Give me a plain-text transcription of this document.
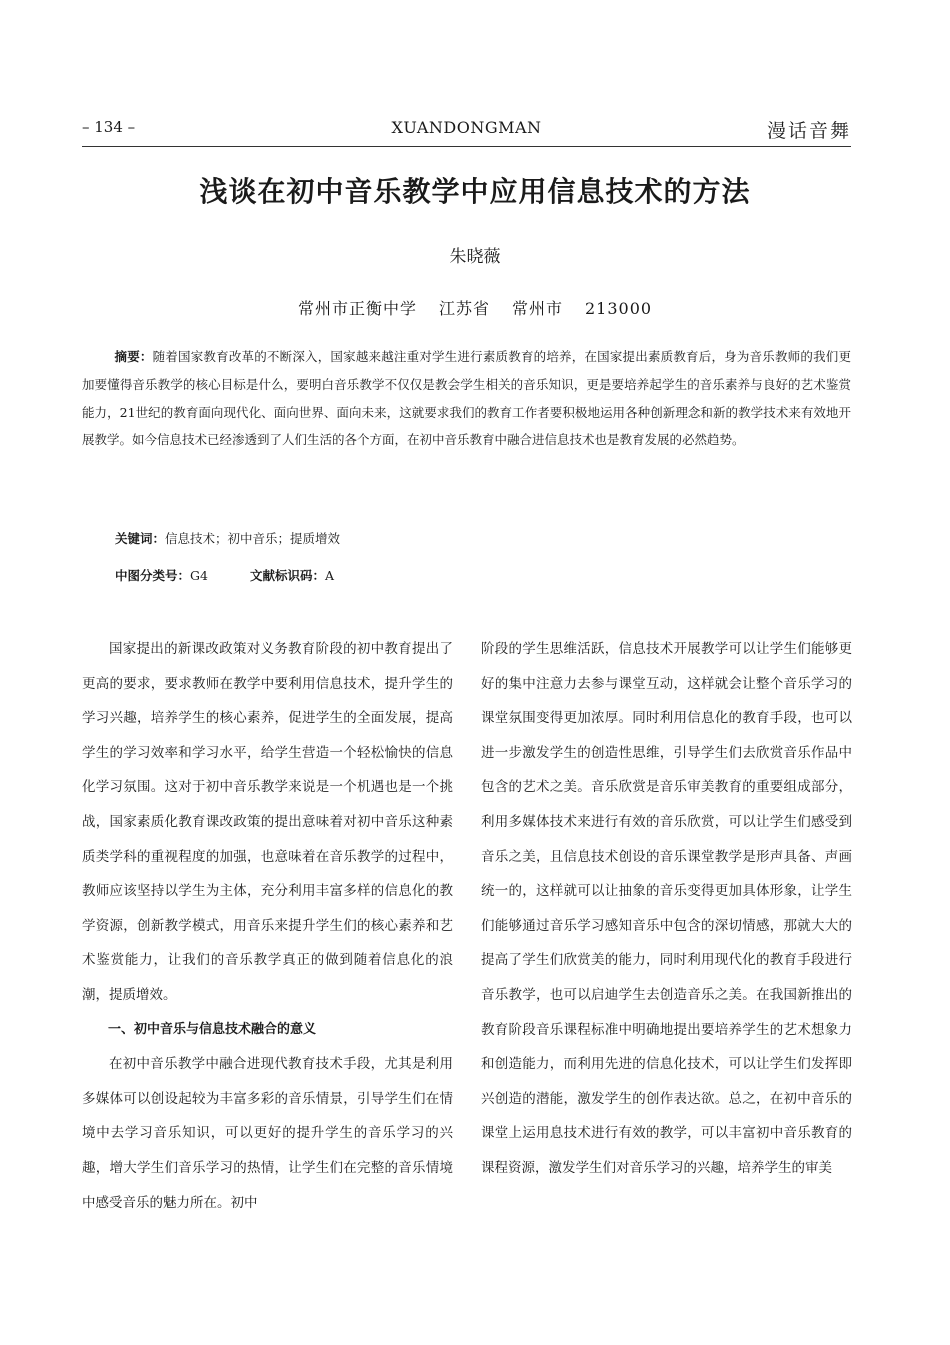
– 134 –	XUANDONGMAN	漫话音舞
浅谈在初中音乐教学中应用信息技术的方法
朱晓薇
常州市正衡中学 江苏省 常州市 213000
摘要：随着国家教育改革的不断深入，国家越来越注重对学生进行素质教育的培养，在国家提出素质教育后，身为音乐教师的我们更加要懂得音乐教学的核心目标是什么，要明白音乐教学不仅仅是教会学生相关的音乐知识，更是要培养起学生的音乐素养与良好的艺术鉴赏能力，21世纪的教育面向现代化、面向世界、面向未来，这就要求我们的教育工作者要积极地运用各种创新理念和新的教学技术来有效地开展教学。如今信息技术已经渗透到了人们生活的各个方面，在初中音乐教育中融合进信息技术也是教育发展的必然趋势。
关键词：信息技术；初中音乐；提质增效
中图分类号：G4	文献标识码：A

国家提出的新课改政策对义务教育阶段的初中教育提出了更高的要求，要求教师在教学中要利用信息技术，提升学生的学习兴趣，培养学生的核心素养，促进学生的全面发展，提高学生的学习效率和学习水平，给学生营造一个轻松愉快的信息化学习氛围。这对于初中音乐教学来说是一个机遇也是一个挑战，国家素质化教育课改政策的提出意味着对初中音乐这种素质类学科的重视程度的加强，也意味着在音乐教学的过程中，教师应该坚持以学生为主体，充分利用丰富多样的信息化的教学资源，创新教学模式，用音乐来提升学生们的核心素养和艺术鉴赏能力，让我们的音乐教学真正的做到随着信息化的浪潮，提质增效。

一、初中音乐与信息技术融合的意义

在初中音乐教学中融合进现代教育技术手段，尤其是利用多媒体可以创设起较为丰富多彩的音乐情景，引导学生们在情境中去学习音乐知识，可以更好的提升学生的音乐学习的兴趣，增大学生们音乐学习的热情，让学生们在完整的音乐情境中感受音乐的魅力所在。初中

阶段的学生思维活跃，信息技术开展教学可以让学生们能够更好的集中注意力去参与课堂互动，这样就会让整个音乐学习的课堂氛围变得更加浓厚。同时利用信息化的教育手段，也可以进一步激发学生的创造性思维，引导学生们去欣赏音乐作品中包含的艺术之美。音乐欣赏是音乐审美教育的重要组成部分，利用多媒体技术来进行有效的音乐欣赏，可以让学生们感受到音乐之美，且信息技术创设的音乐课堂教学是形声具备、声画统一的，这样就可以让抽象的音乐变得更加具体形象，让学生们能够通过音乐学习感知音乐中包含的深切情感，那就大大的提高了学生们欣赏美的能力，同时利用现代化的教育手段进行音乐教学，也可以启迪学生去创造音乐之美。在我国新推出的教育阶段音乐课程标准中明确地提出要培养学生的艺术想象力和创造能力，而利用先进的信息化技术，可以让学生们发挥即兴创造的潜能，激发学生的创作表达欲。总之，在初中音乐的课堂上运用息技术进行有效的教学，可以丰富初中音乐教育的课程资源，激发学生们对音乐学习的兴趣，培养学生的审美
